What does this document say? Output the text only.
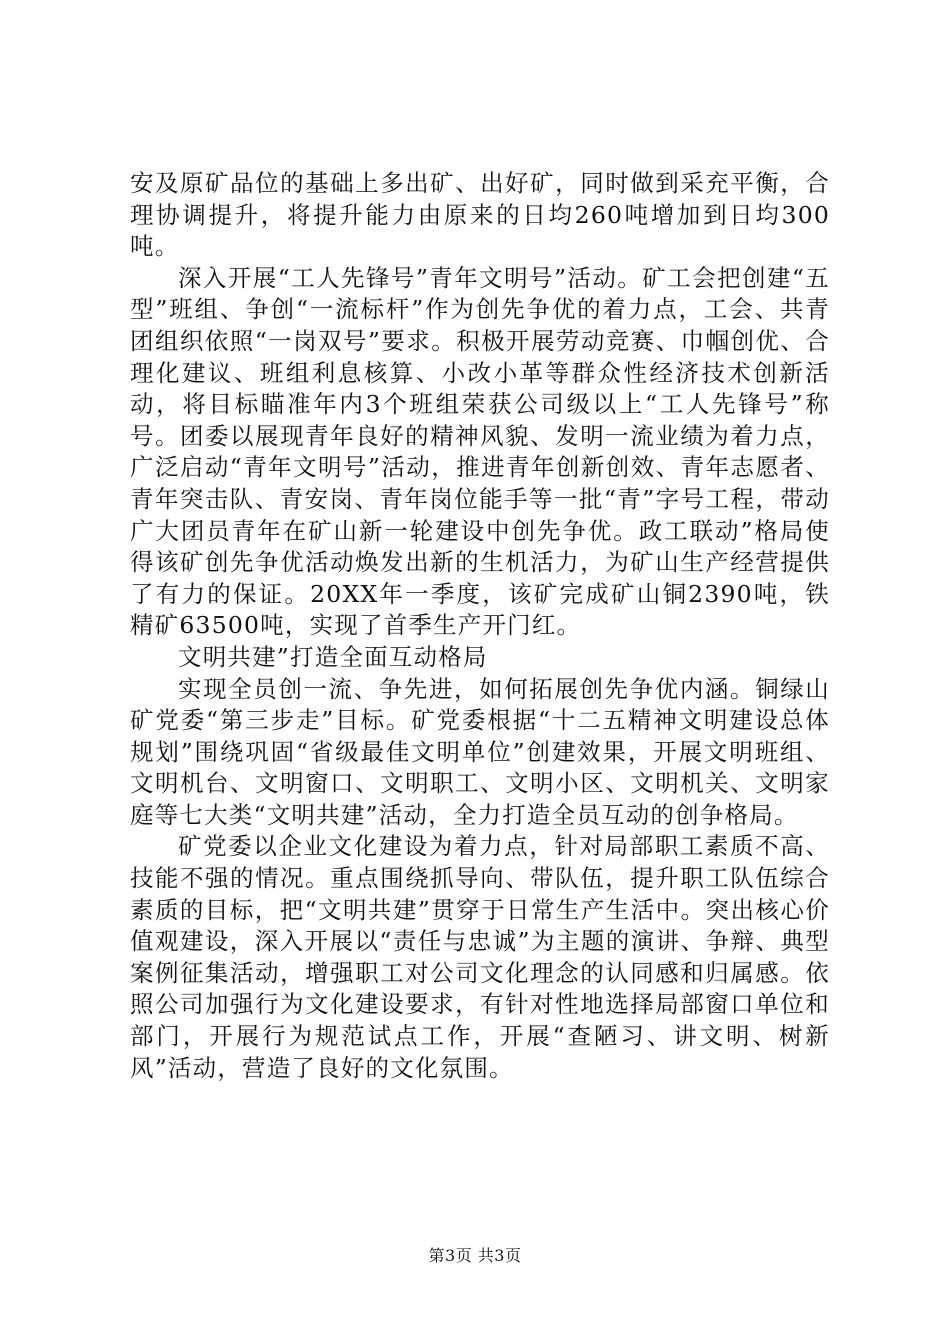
安及原矿品位的基础上多出矿、出好矿，同时做到采充平衡，合理协调提升，将提升能力由原来的日均260吨增加到日均300吨。

深入开展“工人先锋号”青年文明号”活动。矿工会把创建“五型”班组、争创“一流标杆”作为创先争优的着力点，工会、共青团组织依照“一岗双号”要求。积极开展劳动竞赛、巾帼创优、合理化建议、班组利息核算、小改小革等群众性经济技术创新活动，将目标瞄准年内3个班组荣获公司级以上“工人先锋号”称号。团委以展现青年良好的精神风貌、发明一流业绩为着力点，广泛启动“青年文明号”活动，推进青年创新创效、青年志愿者、青年突击队、青安岗、青年岗位能手等一批“青”字号工程，带动广大团员青年在矿山新一轮建设中创先争优。政工联动”格局使得该矿创先争优活动焕发出新的生机活力，为矿山生产经营提供了有力的保证。20XX年一季度，该矿完成矿山铜2390吨，铁精矿63500吨，实现了首季生产开门红。

文明共建”打造全面互动格局

实现全员创一流、争先进，如何拓展创先争优内涵。铜绿山矿党委“第三步走”目标。矿党委根据“十二五精神文明建设总体规划”围绕巩固“省级最佳文明单位”创建效果，开展文明班组、文明机台、文明窗口、文明职工、文明小区、文明机关、文明家庭等七大类“文明共建”活动，全力打造全员互动的创争格局。

矿党委以企业文化建设为着力点，针对局部职工素质不高、技能不强的情况。重点围绕抓导向、带队伍，提升职工队伍综合素质的目标，把“文明共建”贯穿于日常生产生活中。突出核心价值观建设，深入开展以“责任与忠诚”为主题的演讲、争辩、典型案例征集活动，增强职工对公司文化理念的认同感和归属感。依照公司加强行为文化建设要求，有针对性地选择局部窗口单位和部门，开展行为规范试点工作，开展“查陋习、讲文明、树新风”活动，营造了良好的文化氛围。

第3页 共3页
